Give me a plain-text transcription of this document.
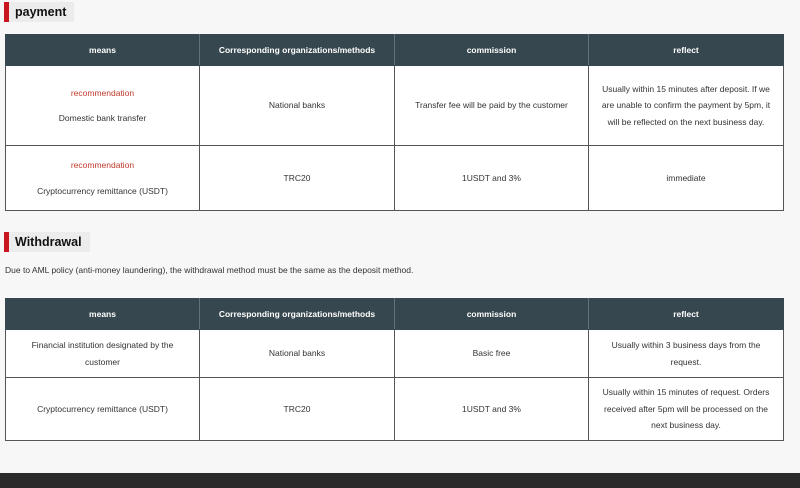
payment
means	Corresponding organizations/methods	commission	reflect

recommendation
Domestic bank transfer	National banks	Transfer fee will be paid by the customer	Usually within 15 minutes after deposit. If we are unable to confirm the payment by 5pm, it will be reflected on the next business day.

recommendation
Cryptocurrency remittance (USDT)	TRC20	1USDT and 3%	immediate
Withdrawal
Due to AML policy (anti-money laundering), the withdrawal method must be the same as the deposit method.
means	Corresponding organizations/methods	commission	reflect
Financial institution designated by the customer	National banks	Basic free	Usually within 3 business days from the request.
Cryptocurrency remittance (USDT)	TRC20	1USDT and 3%	Usually within 15 minutes of request. Orders received after 5pm will be processed on the next business day.
